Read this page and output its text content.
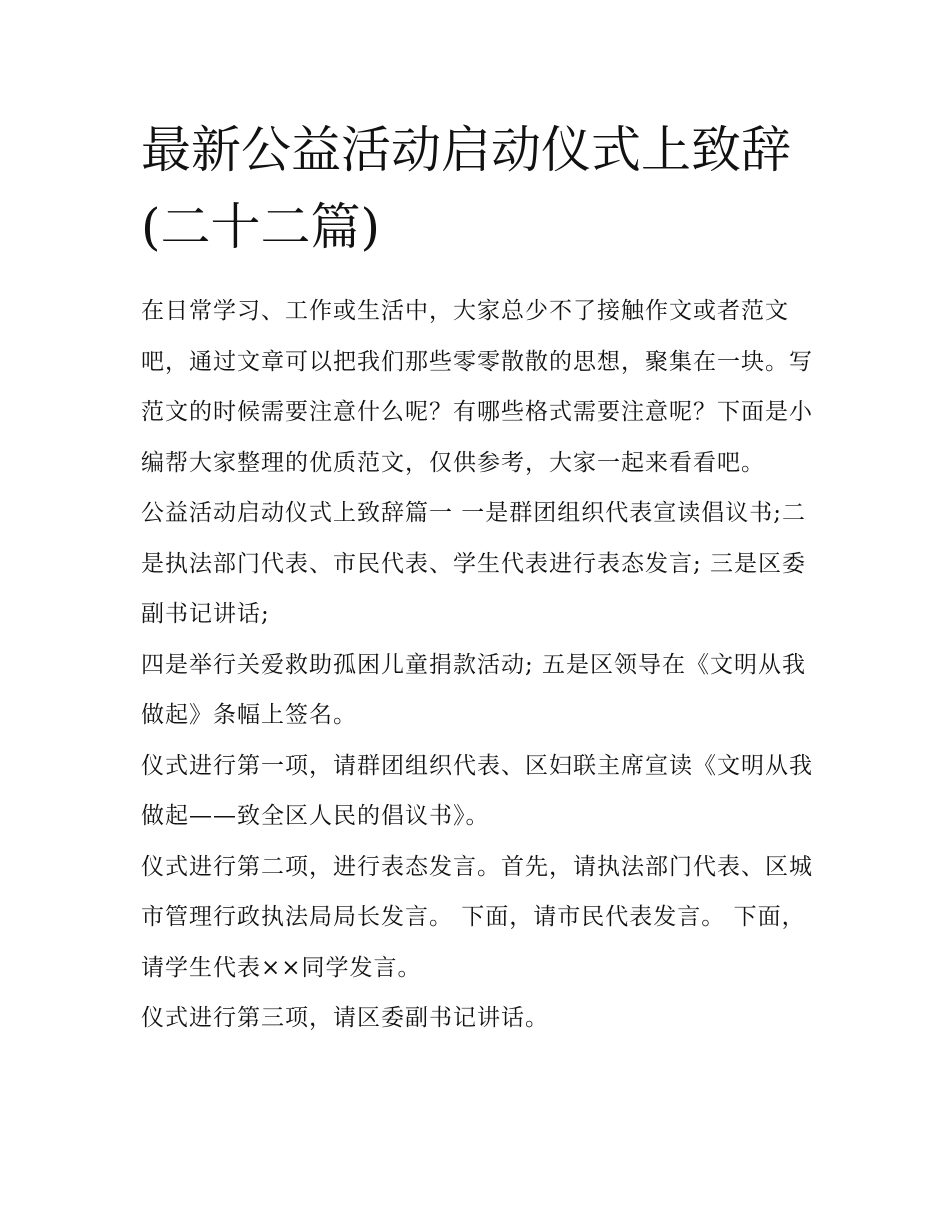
最新公益活动启动仪式上致辞(二十二篇)

在日常学习、工作或生活中，大家总少不了接触作文或者范文吧，通过文章可以把我们那些零零散散的思想，聚集在一块。写范文的时候需要注意什么呢？有哪些格式需要注意呢？下面是小编帮大家整理的优质范文，仅供参考，大家一起来看看吧。

公益活动启动仪式上致辞篇一 一是群团组织代表宣读倡议书;二是执法部门代表、市民代表、学生代表进行表态发言; 三是区委副书记讲话;

四是举行关爱救助孤困儿童捐款活动; 五是区领导在《文明从我做起》条幅上签名。

仪式进行第一项，请群团组织代表、区妇联主席宣读《文明从我做起——致全区人民的倡议书》。

仪式进行第二项，进行表态发言。首先，请执法部门代表、区城市管理行政执法局局长发言。 下面，请市民代表发言。 下面，请学生代表××同学发言。

仪式进行第三项，请区委副书记讲话。
